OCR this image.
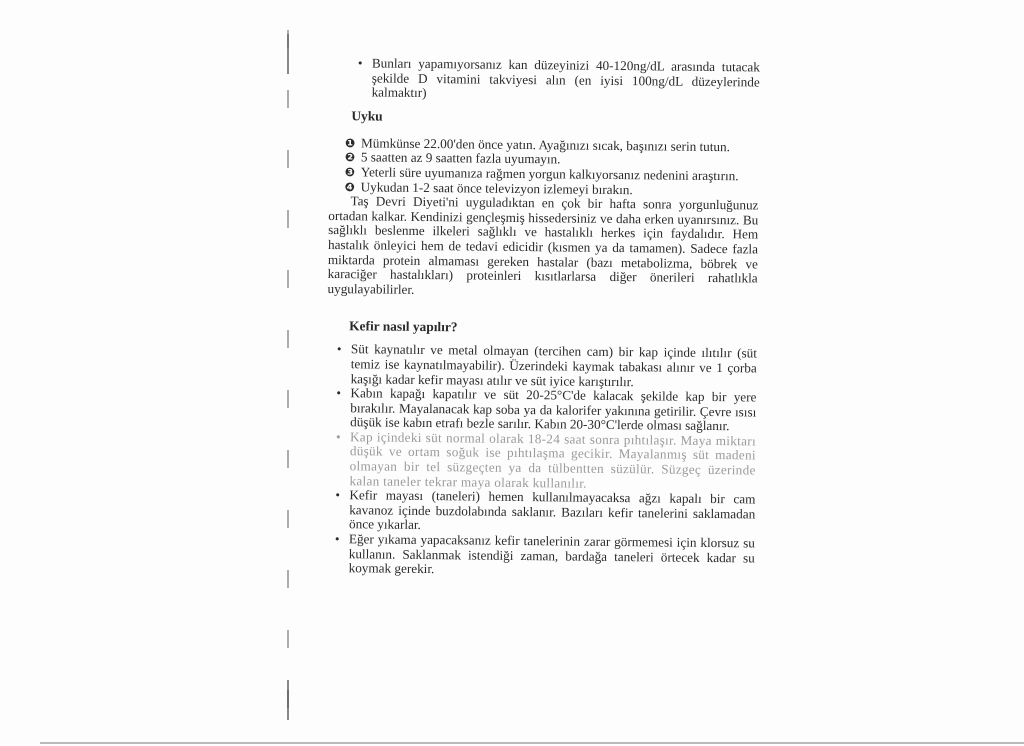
• Bunları yapamıyorsanız kan düzeyinizi 40-120ng/dL arasında tutacak şekilde D vitamini takviyesi alın (en iyisi 100ng/dL düzeylerinde kalmaktır)
Uyku

❶ Mümkünse 22.00'den önce yatın. Ayağınızı sıcak, başınızı serin tutun.

❷ 5 saatten az 9 saatten fazla uyumayın.

❸ Yeterli süre uyumanıza rağmen yorgun kalkıyorsanız nedenini araştırın.

❹ Uykudan 1-2 saat önce televizyon izlemeyi bırakın.

Taş Devri Diyeti'ni uyguladıktan en çok bir hafta sonra yorgunluğunuz ortadan kalkar. Kendinizi gençleşmiş hissedersiniz ve daha erken uyanırsınız. Bu sağlıklı beslenme ilkeleri sağlıklı ve hastalıklı herkes için faydalıdır. Hem hastalık önleyici hem de tedavi edicidir (kısmen ya da tamamen). Sadece fazla miktarda protein almaması gereken hastalar (bazı metabolizma, böbrek ve karaciğer hastalıkları) proteinleri kısıtlarlarsa diğer önerileri rahatlıkla uygulayabilirler.

Kefir nasıl yapılır?
• Süt kaynatılır ve metal olmayan (tercihen cam) bir kap içinde ılıtılır (süt temiz ise kaynatılmayabilir). Üzerindeki kaymak tabakası alınır ve 1 çorba kaşığı kadar kefir mayası atılır ve süt iyice karıştırılır.
• Kabın kapağı kapatılır ve süt 20-25°C'de kalacak şekilde kap bir yere bırakılır. Mayalanacak kap soba ya da kalorifer yakınına getirilir. Çevre ısısı düşük ise kabın etrafı bezle sarılır. Kabın 20-30°C'lerde olması sağlanır.
• Kap içindeki süt normal olarak 18-24 saat sonra pıhtılaşır. Maya miktarı düşük ve ortam soğuk ise pıhtılaşma gecikir. Mayalanmış süt madeni olmayan bir tel süzgeçten ya da tülbentten süzülür. Süzgeç üzerinde kalan taneler tekrar maya olarak kullanılır.
• Kefir mayası (taneleri) hemen kullanılmayacaksa ağzı kapalı bir cam kavanoz içinde buzdolabında saklanır. Bazıları kefir tanelerini saklamadan önce yıkarlar.
• Eğer yıkama yapacaksanız kefir tanelerinin zarar görmemesi için klorsuz su kullanın. Saklanmak istendiği zaman, bardağa taneleri örtecek kadar su koymak gerekir.
